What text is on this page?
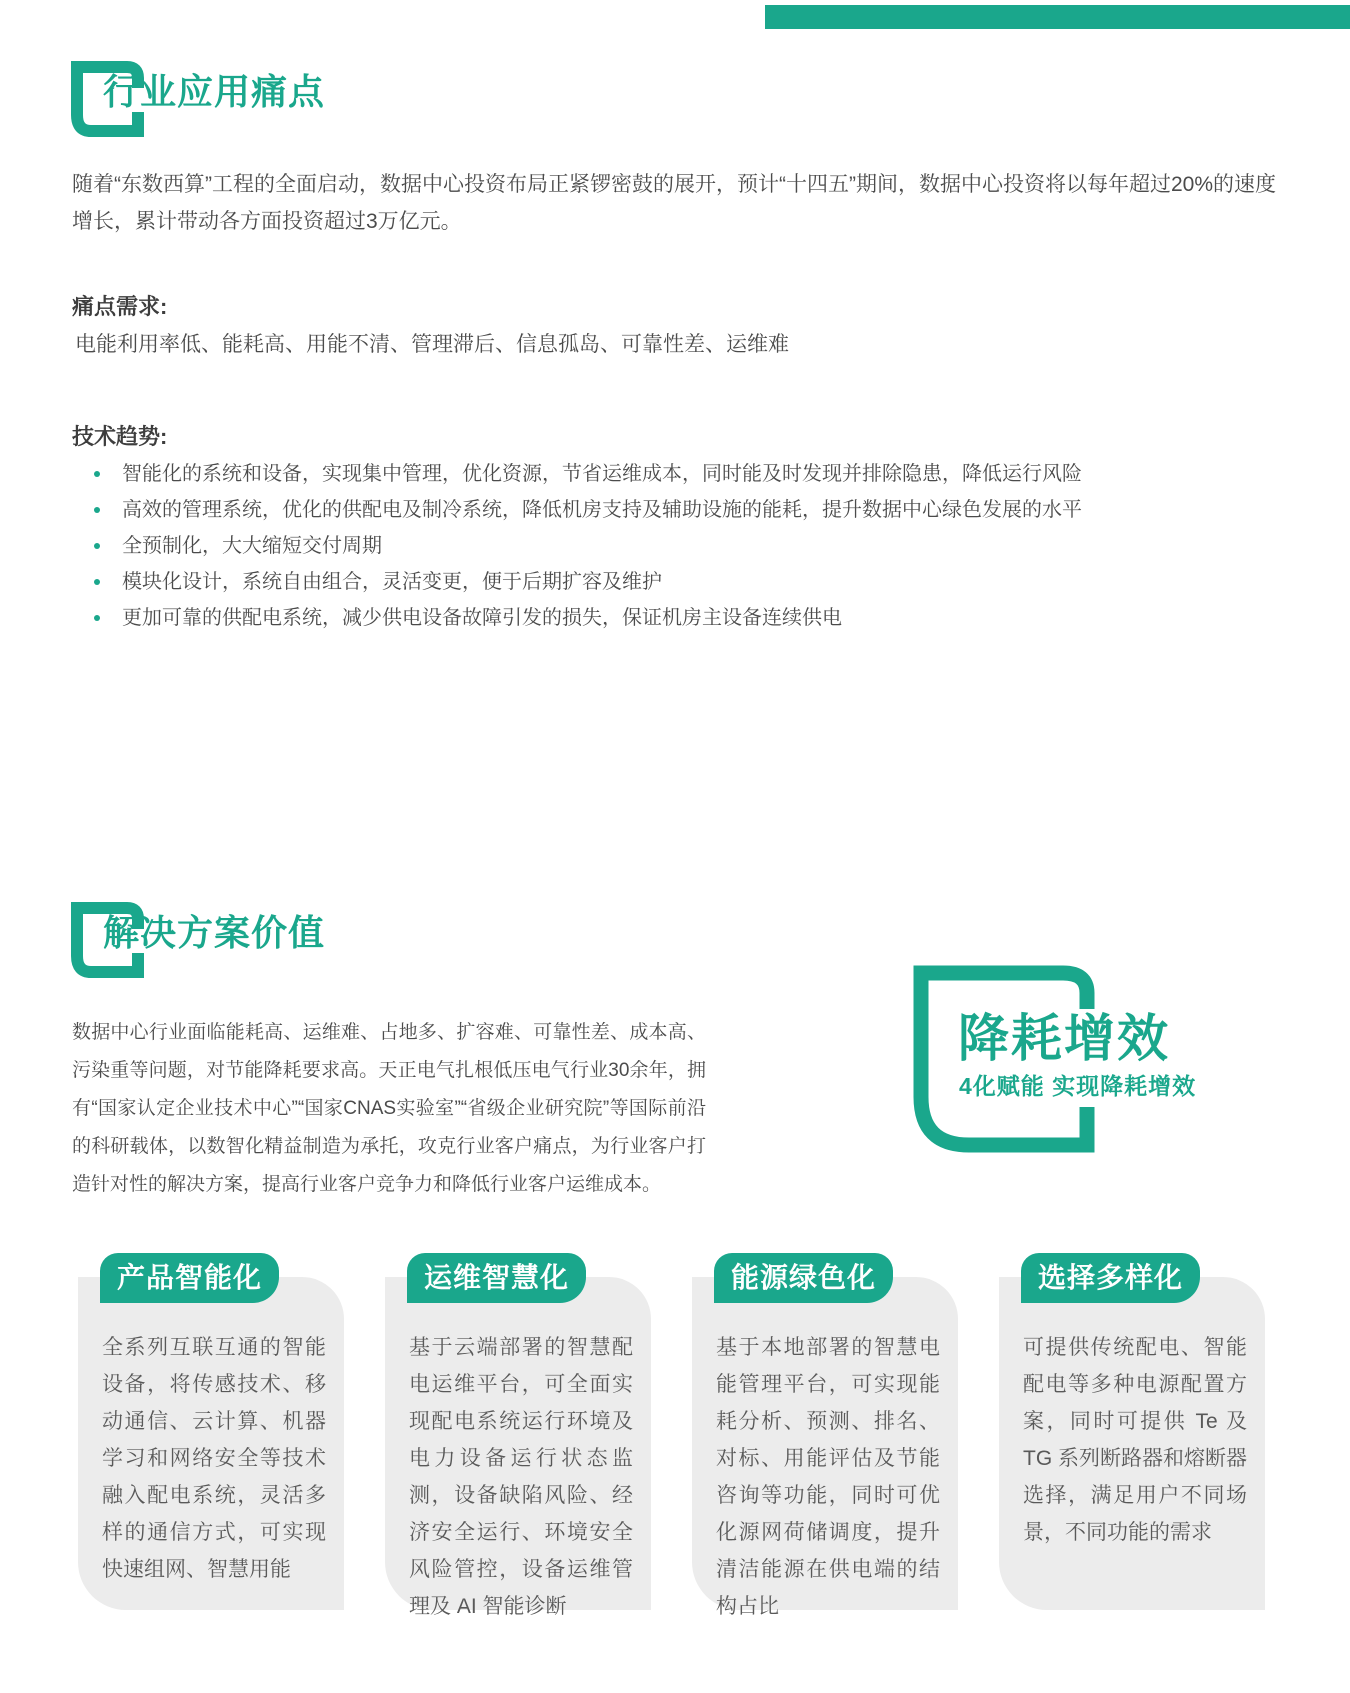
行业应用痛点
随着“东数西算”工程的全面启动，数据中心投资布局正紧锣密鼓的展开，预计“十四五”期间，数据中心投资将以每年超过20%的速度增长，累计带动各方面投资超过3万亿元。
痛点需求:
电能利用率低、能耗高、用能不清、管理滞后、信息孤岛、可靠性差、运维难
技术趋势:
智能化的系统和设备，实现集中管理，优化资源，节省运维成本，同时能及时发现并排除隐患，降低运行风险
高效的管理系统，优化的供配电及制冷系统，降低机房支持及辅助设施的能耗，提升数据中心绿色发展的水平
全预制化，大大缩短交付周期
模块化设计，系统自由组合，灵活变更，便于后期扩容及维护
更加可靠的供配电系统，减少供电设备故障引发的损失，保证机房主设备连续供电
解决方案价值
数据中心行业面临能耗高、运维难、占地多、扩容难、可靠性差、成本高、污染重等问题，对节能降耗要求高。天正电气扎根低压电气行业30余年，拥有“国家认定企业技术中心”“国家CNAS实验室”“省级企业研究院”等国际前沿的科研载体，以数智化精益制造为承托，攻克行业客户痛点，为行业客户打造针对性的解决方案，提高行业客户竞争力和降低行业客户运维成本。
降耗增效
4化赋能 实现降耗增效
产品智能化
全系列互联互通的智能设备，将传感技术、移动通信、云计算、机器学习和网络安全等技术融入配电系统，灵活多样的通信方式，可实现快速组网、智慧用能
运维智慧化
基于云端部署的智慧配电运维平台，可全面实现配电系统运行环境及电力设备运行状态监测，设备缺陷风险、经济安全运行、环境安全风险管控，设备运维管理及 AI 智能诊断
能源绿色化
基于本地部署的智慧电能管理平台，可实现能耗分析、预测、排名、对标、用能评估及节能咨询等功能，同时可优化源网荷储调度，提升清洁能源在供电端的结构占比
选择多样化
可提供传统配电、智能配电等多种电源配置方案，同时可提供 Te 及 TG 系列断路器和熔断器选择，满足用户不同场景，不同功能的需求
